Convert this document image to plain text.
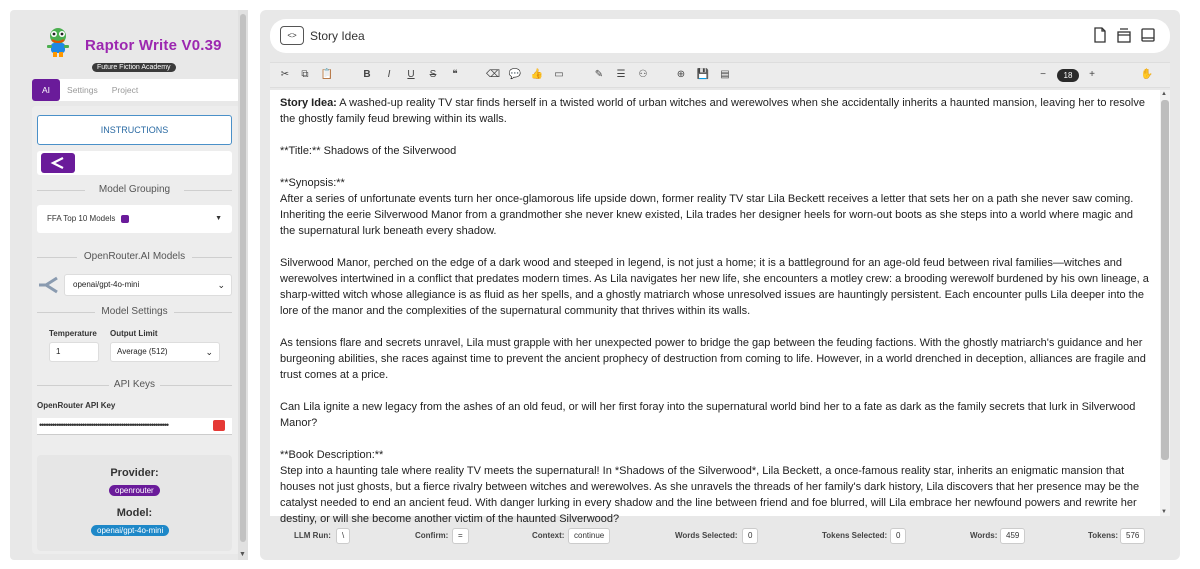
Raptor Write V0.39
Future Fiction Academy
AI	Settings	Project
INSTRUCTIONS
Model Grouping
FFA Top 10 Models	▼
OpenRouter.AI Models
openai/gpt-4o-mini	⌄
Model Settings
Temperature Output Limit
1	Average (512)	⌄
API Keys
OpenRouter API Key
••••••••••••••••••••••••••••••••••••••••••••••••••••••••••••
Provider:
openrouter
Model:
openai/gpt-4o-mini
▼
<>	Story Idea
✂	⧉	📋	B	I	U	S	❝	⌫ 💬 👍 ▭	✎ ☰ ⚇	⊕ 💾 ▤	−	18	+	✋

Story Idea: A washed-up reality TV star finds herself in a twisted world of urban witches and werewolves when she accidentally inherits a haunted mansion, leaving her to resolve the ghostly family feud brewing within its walls.

**Title:** Shadows of the Silverwood

**Synopsis:**
After a series of unfortunate events turn her once-glamorous life upside down, former reality TV star Lila Beckett receives a letter that sets her on a path she never saw coming. Inheriting the eerie Silverwood Manor from a grandmother she never knew existed, Lila trades her designer heels for worn-out boots as she steps into a world where magic and the supernatural lurk beneath every shadow.

Silverwood Manor, perched on the edge of a dark wood and steeped in legend, is not just a home; it is a battleground for an age-old feud between rival families—witches and werewolves intertwined in a conflict that predates modern times. As Lila navigates her new life, she encounters a motley crew: a brooding werewolf burdened by his own lineage, a sharp-witted witch whose allegiance is as fluid as her spells, and a ghostly matriarch whose unresolved issues are hauntingly persistent. Each encounter pulls Lila deeper into the lore of the manor and the complexities of the supernatural community that thrives within its walls.

As tensions flare and secrets unravel, Lila must grapple with her unexpected power to bridge the gap between the feuding factions. With the ghostly matriarch's guidance and her burgeoning abilities, she races against time to prevent the ancient prophecy of destruction from coming to life. However, in a world drenched in deception, alliances are fragile and trust comes at a price.

Can Lila ignite a new legacy from the ashes of an old feud, or will her first foray into the supernatural world bind her to a fate as dark as the family secrets that lurk in Silverwood Manor?

**Book Description:**
Step into a haunting tale where reality TV meets the supernatural! In *Shadows of the Silverwood*, Lila Beckett, a once-famous reality star, inherits an enigmatic mansion that houses not just ghosts, but a fierce rivalry between witches and werewolves. As she unravels the threads of her family's dark history, Lila discovers that her presence may be the catalyst needed to end an ancient feud. With danger lurking in every shadow and the line between friend and foe blurred, will Lila embrace her newfound powers and rewrite her destiny, or will she become another victim of the haunted Silverwood?

▲
▼
LLM Run:	\	Confirm:	=	Context:	continue	Words Selected:	0	Tokens Selected:	0	Words:	459	Tokens: 576
